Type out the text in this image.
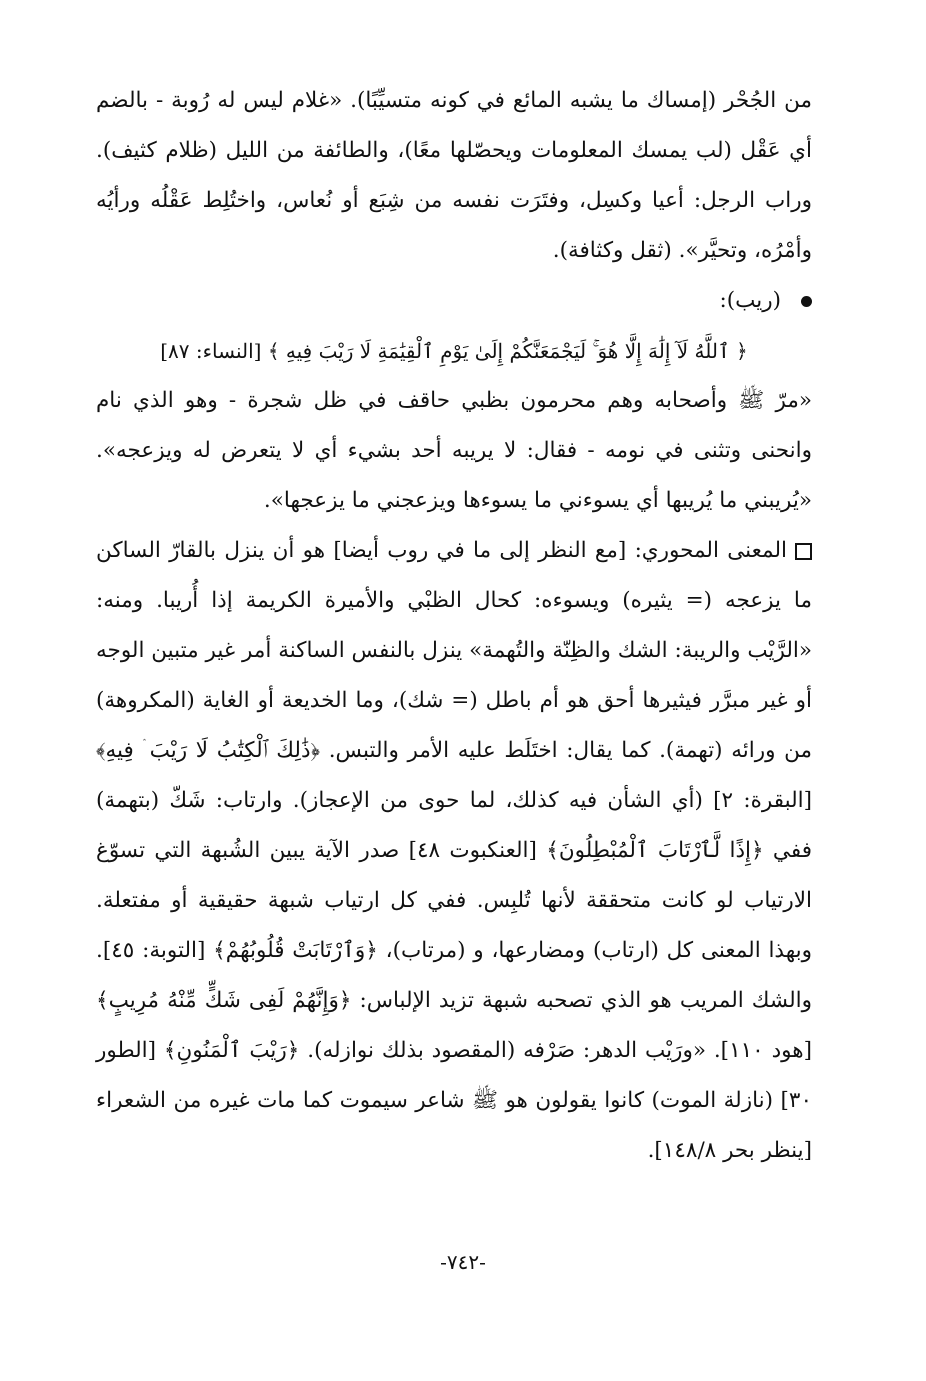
من الجُحْر (إمساك ما يشبه المائع في كونه متسيِّبًا). «غلام ليس له رُوبة - بالضم أي عَقْل (لب يمسك المعلومات ويحصّلها معًا)، والطائفة من الليل (ظلام كثيف). وراب الرجل: أعيا وكسِل، وفتَرَت نفسه من شِبَع أو نُعاس، واختُلِط عَقْلُه ورأيُه وأمْرُه، وتحيَّر». (ثقل وكثافة).

(ريب):

﴿ ٱللَّهُ لَآ إِلَٰهَ إِلَّا هُوَ ۚ لَيَجْمَعَنَّكُمْ إِلَىٰ يَوْمِ ٱلْقِيَٰمَةِ لَا رَيْبَ فِيهِ ﴾ [النساء: ٨٧]

«مرّ ﷺ وأصحابه وهم محرمون بظبي حاقف في ظل شجرة - وهو الذي نام وانحنى وتثنى في نومه - فقال: لا يريبه أحد بشيء أي لا يتعرض له ويزعجه». «يُريبني ما يُريبها أي يسوءني ما يسوءها ويزعجني ما يزعجها».

المعنى المحوري: [مع النظر إلى ما في روب أيضا] هو أن ينزل بالقارّ الساكن ما يزعجه (= يثيره) ويسوءه: كحال الظبْي والأميرة الكريمة إذا أُريبا. ومنه: «الرَّيْب والريبة: الشك والظِنّة والتُهمة» ينزل بالنفس الساكنة أمر غير متبين الوجه أو غير مبرَّر فيثيرها أحق هو أم باطل (= شك)، وما الخديعة أو الغاية (المكروهة) من ورائه (تهمة). كما يقال: اختَلَط عليه الأمر والتبس. ﴿ذَٰلِكَ ٱلْكِتَٰبُ لَا رَيْبَ ۛ فِيهِ﴾ [البقرة: ٢] (أي الشأن فيه كذلك، لما حوى من الإعجاز). وارتاب: شَكّ (بتهمة) ففي ﴿إِذًا لَّٱرْتَابَ ٱلْمُبْطِلُونَ﴾ [العنكبوت ٤٨] صدر الآية يبين الشُبهة التي تسوّغ الارتياب لو كانت متحققة لأنها تُلبِس. ففي كل ارتياب شبهة حقيقية أو مفتعلة. وبهذا المعنى كل (ارتاب) ومضارعها، و (مرتاب)، ﴿وَٱرْتَابَتْ قُلُوبُهُمْ﴾ [التوبة: ٤٥]. والشك المريب هو الذي تصحبه شبهة تزيد الإلباس: ﴿وَإِنَّهُمْ لَفِى شَكٍّ مِّنْهُ مُرِيبٍ﴾ [هود ١١٠]. «ورَيْب الدهر: صَرْفه (المقصود بذلك نوازله). ﴿رَيْبَ ٱلْمَنُونِ﴾ [الطور ٣٠] (نازلة الموت) كانوا يقولون هو ﷺ شاعر سيموت كما مات غيره من الشعراء [ينظر بحر ١٤٨/٨].

-٧٤٢-
